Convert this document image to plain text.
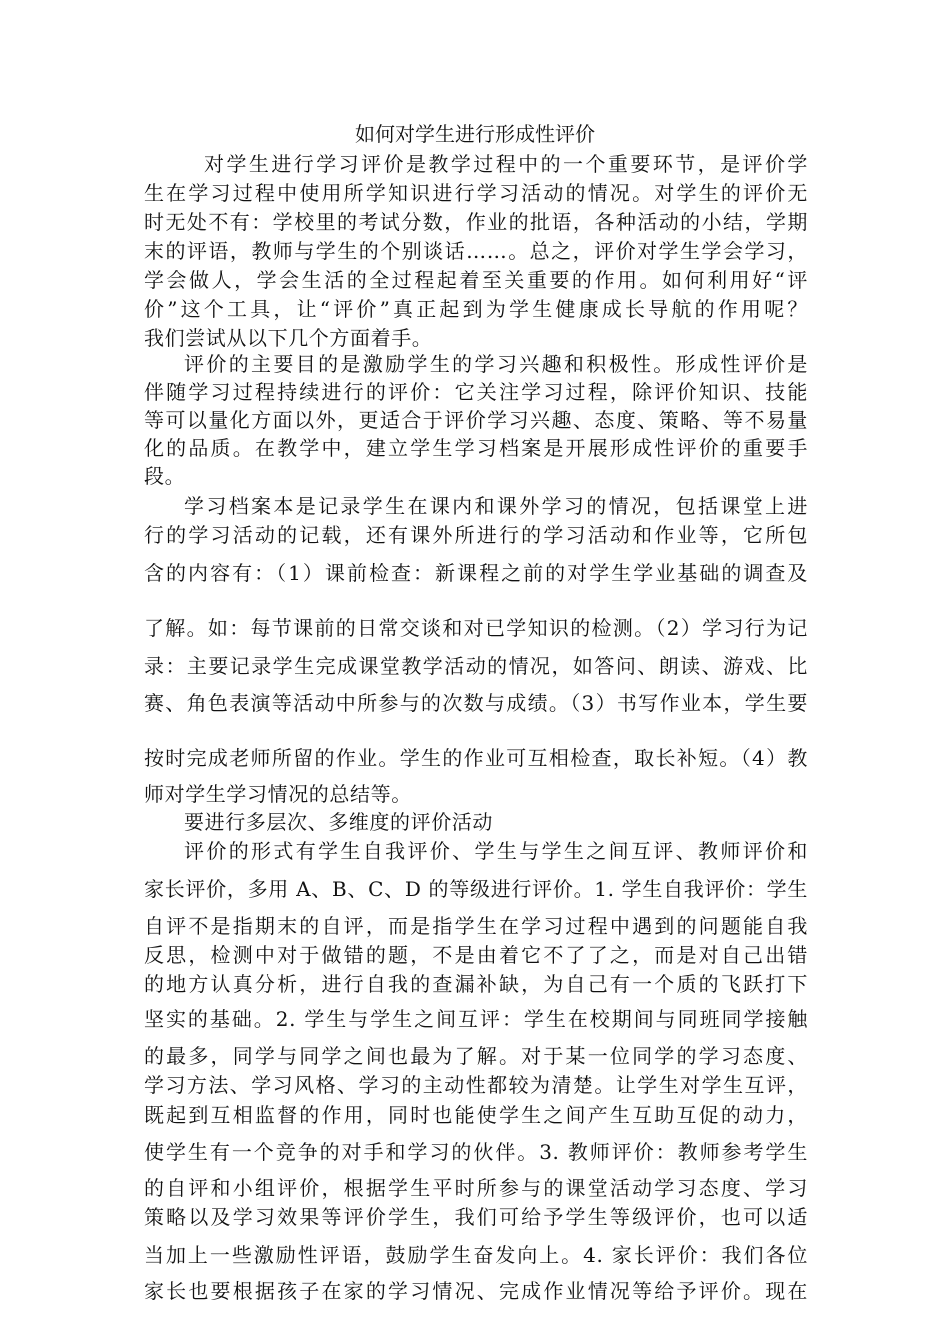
如何对学生进行形成性评价
对学生进行学习评价是教学过程中的一个重要环节，是评价学
生在学习过程中使用所学知识进行学习活动的情况。对学生的评价无
时无处不有：学校里的考试分数，作业的批语，各种活动的小结，学期
末的评语，教师与学生的个别谈话……。总之，评价对学生学会学习，
学会做人，学会生活的全过程起着至关重要的作用。如何利用好“评
价”这个工具，让“评价”真正起到为学生健康成长导航的作用呢？
我们尝试从以下几个方面着手。
评价的主要目的是激励学生的学习兴趣和积极性。形成性评价是
伴随学习过程持续进行的评价：它关注学习过程，除评价知识、技能
等可以量化方面以外，更适合于评价学习兴趣、态度、策略、等不易量
化的品质。在教学中，建立学生学习档案是开展形成性评价的重要手
段。
学习档案本是记录学生在课内和课外学习的情况，包括课堂上进
行的学习活动的记载，还有课外所进行的学习活动和作业等，它所包
含的内容有：（1）课前检查：新课程之前的对学生学业基础的调查及
了解。如：每节课前的日常交谈和对已学知识的检测。（2）学习行为记
录：主要记录学生完成课堂教学活动的情况，如答问、朗读、游戏、比
赛、角色表演等活动中所参与的次数与成绩。（3）书写作业本，学生要
按时完成老师所留的作业。学生的作业可互相检查，取长补短。（4）教
师对学生学习情况的总结等。
要进行多层次、多维度的评价活动
评价的形式有学生自我评价、学生与学生之间互评、教师评价和
家长评价，多用 A、B、C、D 的等级进行评价。1. 学生自我评价：学生
自评不是指期末的自评，而是指学生在学习过程中遇到的问题能自我
反思，检测中对于做错的题，不是由着它不了了之，而是对自己出错
的地方认真分析，进行自我的查漏补缺，为自己有一个质的飞跃打下
坚实的基础。2. 学生与学生之间互评：学生在校期间与同班同学接触
的最多，同学与同学之间也最为了解。对于某一位同学的学习态度、
学习方法、学习风格、学习的主动性都较为清楚。让学生对学生互评，
既起到互相监督的作用，同时也能使学生之间产生互助互促的动力，
使学生有一个竞争的对手和学习的伙伴。3. 教师评价：教师参考学生
的自评和小组评价，根据学生平时所参与的课堂活动学习态度、学习
策略以及学习效果等评价学生，我们可给予学生等级评价，也可以适
当加上一些激励性评语，鼓励学生奋发向上。4. 家长评价：我们各位
家长也要根据孩子在家的学习情况、完成作业情况等给予评价。现在
